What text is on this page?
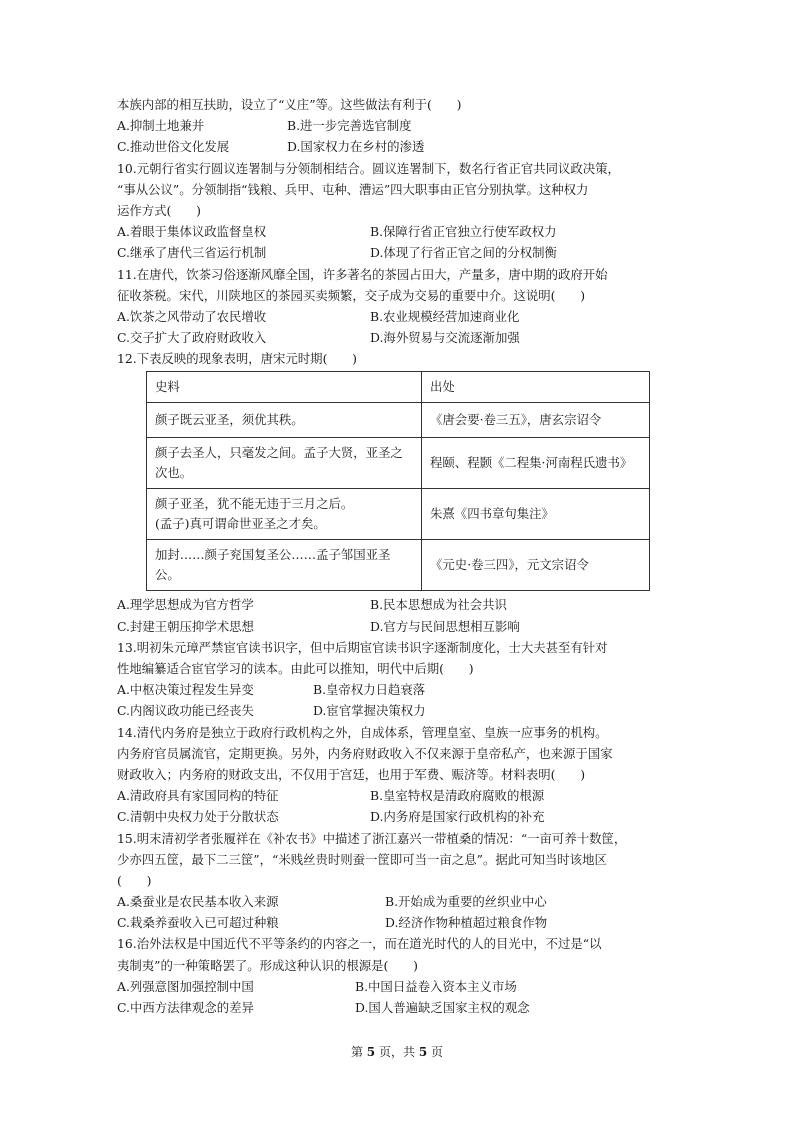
本族内部的相互扶助，设立了“义庄”等。这些做法有利于(　　)
A.抑制土地兼并	B.进一步完善选官制度
C.推动世俗文化发展	D.国家权力在乡村的渗透
10.元朝行省实行圆议连署制与分领制相结合。圆议连署制下，数名行省正官共同议政决策，
“事从公议”。分领制指“钱粮、兵甲、屯种、漕运”四大职事由正官分别执掌。这种权力
运作方式(　　)
A.着眼于集体议政监督皇权	B.保障行省正官独立行使军政权力
C.继承了唐代三省运行机制	D.体现了行省正官之间的分权制衡
11.在唐代，饮茶习俗逐渐风靡全国，许多著名的茶园占田大，产量多，唐中期的政府开始
征收茶税。宋代，川陕地区的茶园买卖频繁，交子成为交易的重要中介。这说明(　　)
A.饮茶之风带动了农民增收	B.农业规模经营加速商业化
C.交子扩大了政府财政收入	D.海外贸易与交流逐渐加强
12.下表反映的现象表明，唐宋元时期(　　)
史料	出处
颜子既云亚圣，须优其秩。	《唐会要·卷三五》，唐玄宗诏令
颜子去圣人，只毫发之间。孟子大贤，亚圣之次也。	程颐、程颢《二程集·河南程氏遗书》
颜子亚圣，犹不能无违于三月之后。
(孟子)真可谓命世亚圣之才矣。	朱熹《四书章句集注》
加封……颜子兖国复圣公……孟子邹国亚圣公。	《元史·卷三四》，元文宗诏令
A.理学思想成为官方哲学	B.民本思想成为社会共识
C.封建王朝压抑学术思想	D.官方与民间思想相互影响
13.明初朱元璋严禁宦官读书识字，但中后期宦官读书识字逐渐制度化，士大夫甚至有针对
性地编纂适合宦官学习的读本。由此可以推知，明代中后期(　　)
A.中枢决策过程发生异变	B.皇帝权力日趋衰落
C.内阁议政功能已经丧失	D.宦官掌握决策权力
14.清代内务府是独立于政府行政机构之外，自成体系，管理皇室、皇族一应事务的机构。
内务府官员属流官，定期更换。另外，内务府财政收入不仅来源于皇帝私产，也来源于国家
财政收入；内务府的财政支出，不仅用于宫廷，也用于军费、赈济等。材料表明(　　)
A.清政府具有家国同构的特征	B.皇室特权是清政府腐败的根源
C.清朝中央权力处于分散状态	D.内务府是国家行政机构的补充
15.明末清初学者张履祥在《补农书》中描述了浙江嘉兴一带植桑的情况：“一亩可养十数筐，
少亦四五筐，最下二三筐”，“米贱丝贵时则蚕一筐即可当一亩之息”。据此可知当时该地区
(　　)
A.桑蚕业是农民基本收入来源	B.开始成为重要的丝织业中心
C.栽桑养蚕收入已可超过种粮	D.经济作物种植超过粮食作物
16.治外法权是中国近代不平等条约的内容之一，而在道光时代的人的目光中，不过是“以
夷制夷”的一种策略罢了。形成这种认识的根源是(　　)
A.列强意图加强控制中国	B.中国日益卷入资本主义市场
C.中西方法律观念的差异	D.国人普遍缺乏国家主权的观念
第 5 页，共 5 页
